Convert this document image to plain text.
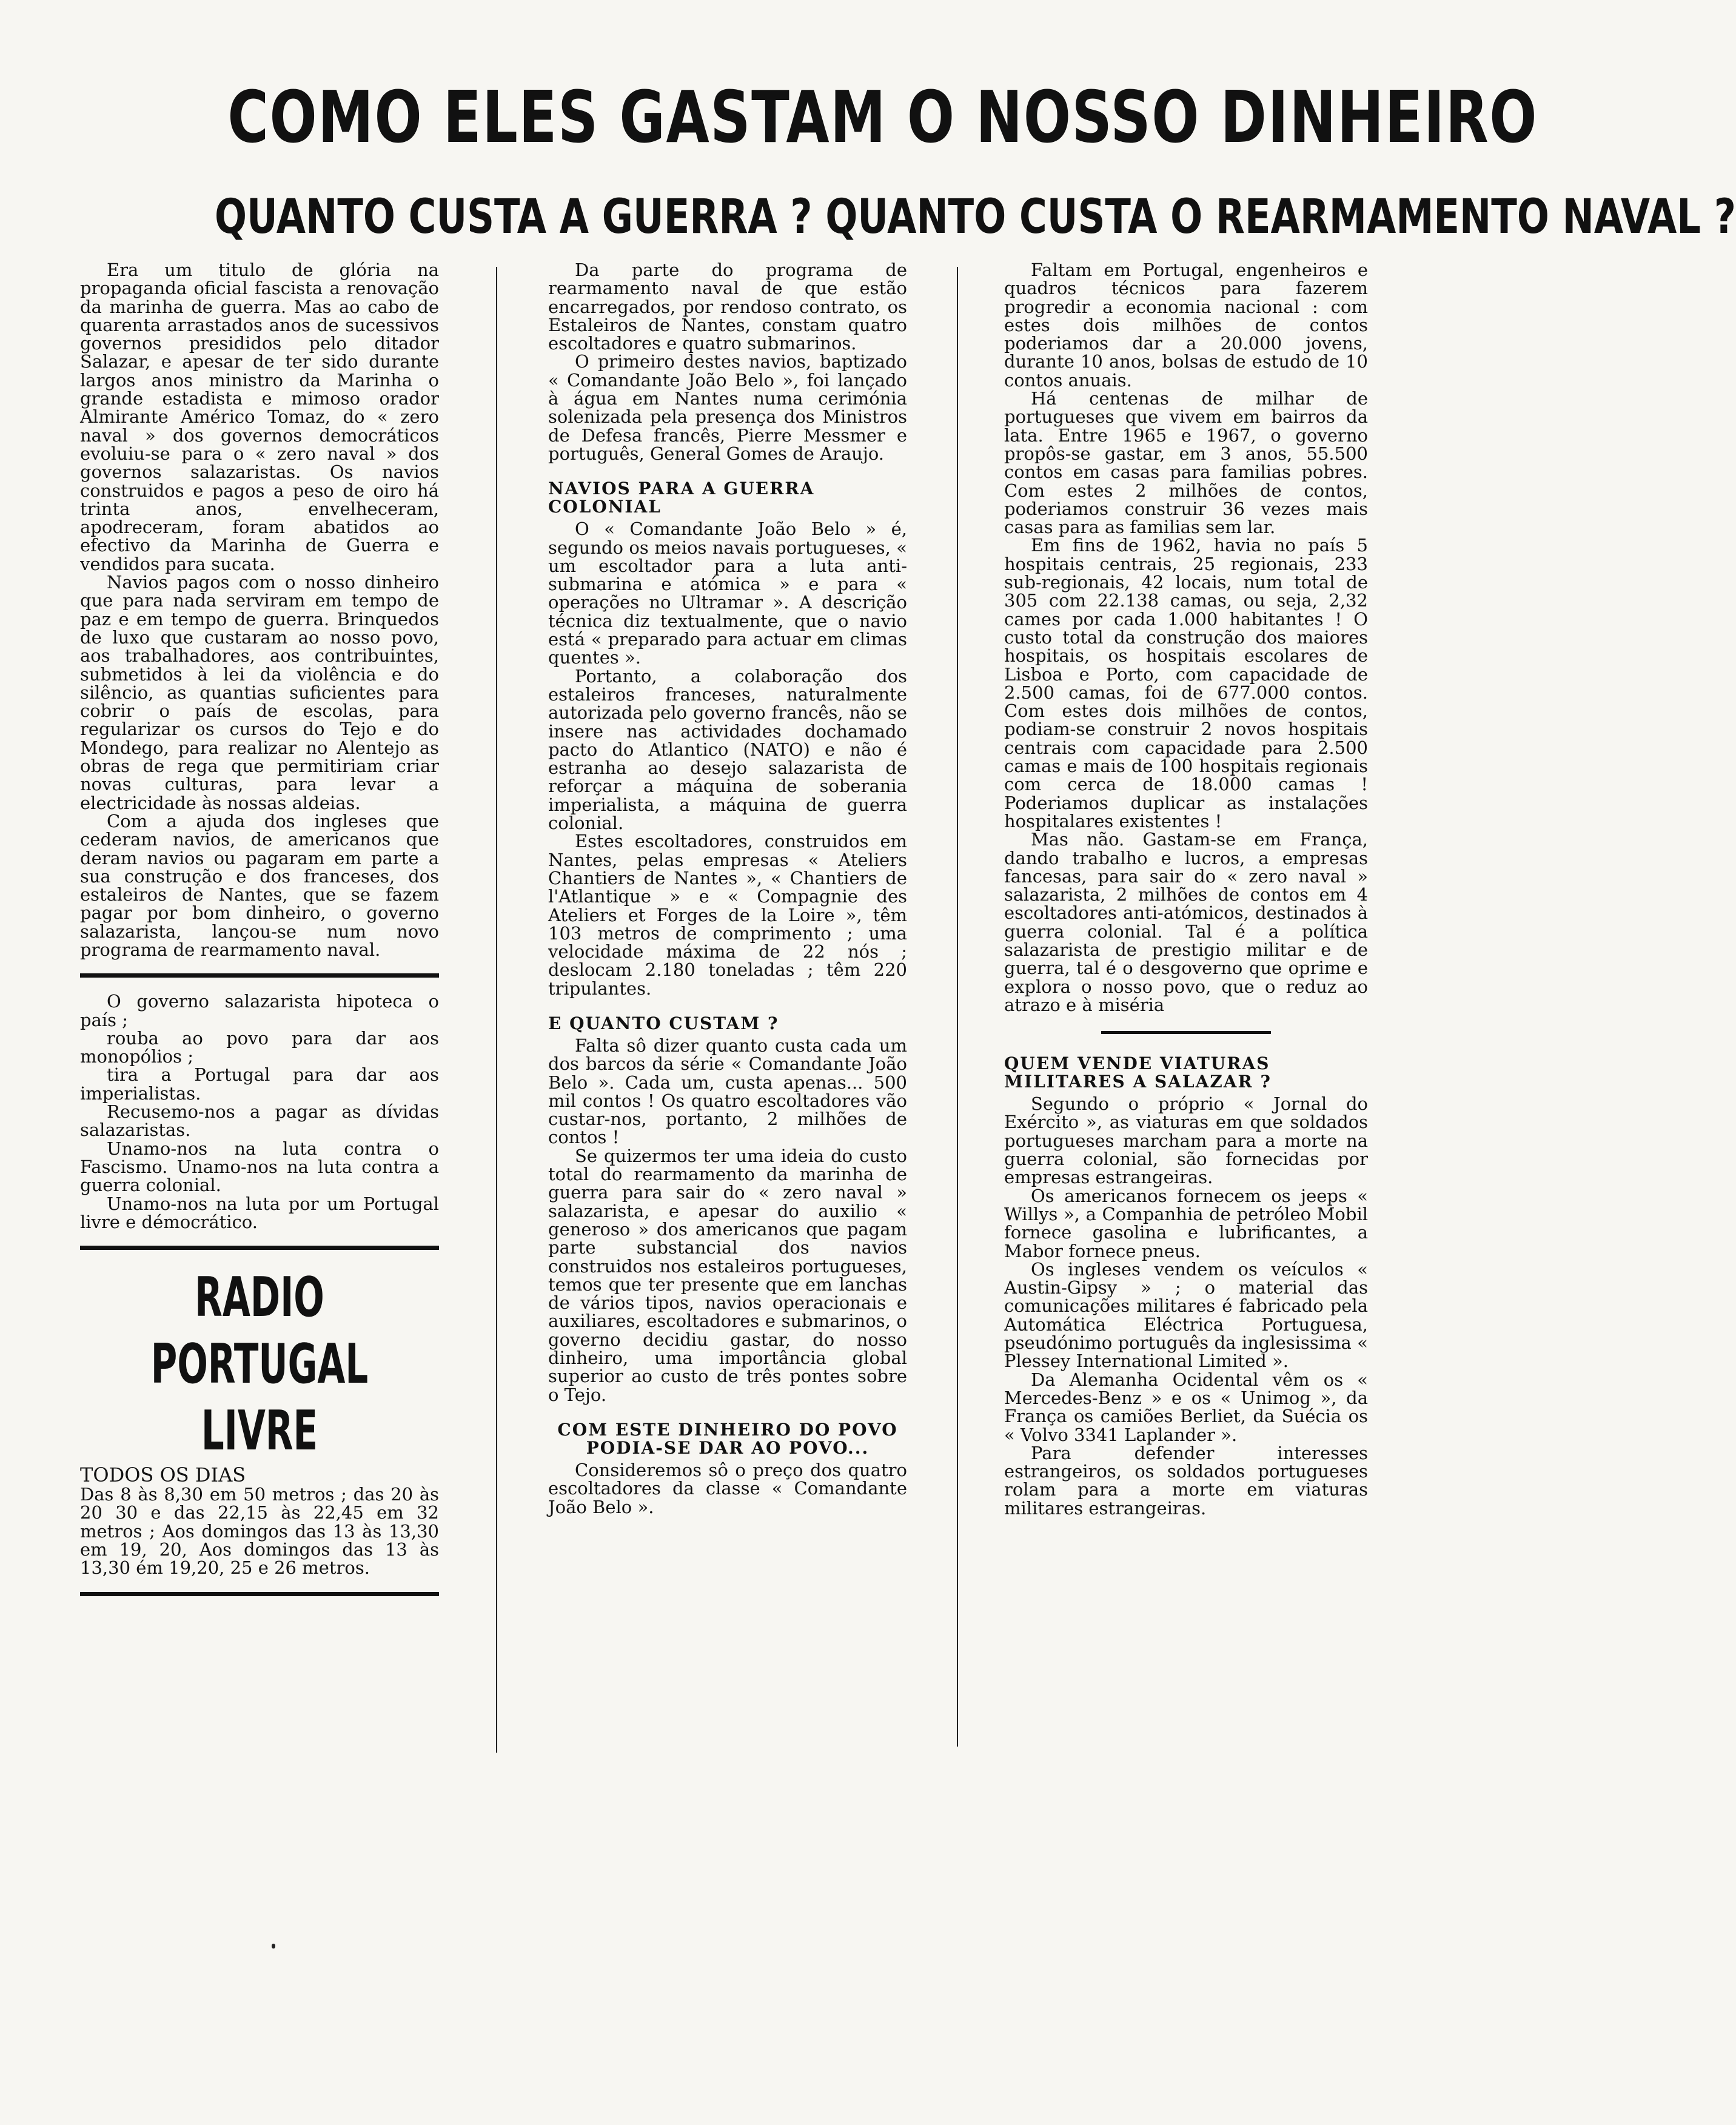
COMO ELES GASTAM O NOSSO DINHEIRO
QUANTO CUSTA A GUERRA ? QUANTO CUSTA O REARMAMENTO NAVAL ?

Era um titulo de glória na propaganda oficial fascista a renovação da marinha de guerra. Mas ao cabo de quarenta arrastados anos de sucessivos governos presididos pelo ditador Salazar, e apesar de ter sido durante largos anos ministro da Marinha o grande estadista e mimoso orador Almirante Américo Tomaz, do « zero naval » dos governos democráticos evoluiu-se para o « zero naval » dos governos salazaristas. Os navios construidos e pagos a peso de oiro há trinta anos, envelheceram, apodreceram, foram abatidos ao efectivo da Marinha de Guerra e vendidos para sucata.

Navios pagos com o nosso dinheiro que para nada serviram em tempo de paz e em tempo de guerra. Brinquedos de luxo que custaram ao nosso povo, aos trabalhadores, aos contribuintes, submetidos à lei da violência e do silêncio, as quantias suficientes para cobrir o país de escolas, para regularizar os cursos do Tejo e do Mondego, para realizar no Alentejo as obras de rega que permitiriam criar novas culturas, para levar a electricidade às nossas aldeias.

Com a ajuda dos ingleses que cederam navios, de americanos que deram navios ou pagaram em parte a sua construção e dos franceses, dos estaleiros de Nantes, que se fazem pagar por bom dinheiro, o governo salazarista, lançou-se num novo programa de rearmamento naval.

O governo salazarista hipoteca o país ;

rouba ao povo para dar aos monopólios ;

tira a Portugal para dar aos imperialistas.

Recusemo-nos a pagar as dívidas salazaristas.

Unamo-nos na luta contra o Fascismo. Unamo-nos na luta contra a guerra colonial.

Unamo-nos na luta por um Portugal livre e démocrático.

RADIO
PORTUGAL
LIVRE

TODOS OS DIAS

Das 8 às 8,30 em 50 metros ; das 20 às 20 30 e das 22,15 às 22,45 em 32 metros ; Aos domingos das 13 às 13,30 em 19, 20, Aos domingos das 13 às 13,30 ém 19,20, 25 e 26 metros.

Da parte do programa de rearmamento naval de que estão encarregados, por rendoso contrato, os Estaleiros de Nantes, constam quatro escoltadores e quatro submarinos.

O primeiro destes navios, baptizado « Comandante João Belo », foi lançado à água em Nantes numa cerimónia solenizada pela presença dos Ministros de Defesa francês, Pierre Messmer e português, General Gomes de Araujo.

NAVIOS PARA A GUERRA COLONIAL

O « Comandante João Belo » é, segundo os meios navais portugueses, « um escoltador para a luta anti-submarina e atómica » e para « operações no Ultramar ». A descrição técnica diz textualmente, que o navio está « preparado para actuar em climas quentes ».

Portanto, a colaboração dos estaleiros franceses, naturalmente autorizada pelo governo francês, não se insere nas actividades dochamado pacto do Atlantico (NATO) e não é estranha ao desejo salazarista de reforçar a máquina de soberania imperialista, a máquina de guerra colonial.

Estes escoltadores, construidos em Nantes, pelas empresas « Ateliers Chantiers de Nantes », « Chantiers de l'Atlantique » e « Compagnie des Ateliers et Forges de la Loire », têm 103 metros de comprimento ; uma velocidade máxima de 22 nós ; deslocam 2.180 toneladas ; têm 220 tripulantes.

E QUANTO CUSTAM ?

Falta sô dizer quanto custa cada um dos barcos da série « Comandante João Belo ». Cada um, custa apenas... 500 mil contos ! Os quatro escoltadores vão custar-nos, portanto, 2 milhões de contos !

Se quizermos ter uma ideia do custo total do rearmamento da marinha de guerra para sair do « zero naval » salazarista, e apesar do auxilio « generoso » dos americanos que pagam parte substancial dos navios construidos nos estaleiros portugueses, temos que ter presente que em lanchas de vários tipos, navios operacionais e auxiliares, escoltadores e submarinos, o governo decidiu gastar, do nosso dinheiro, uma importância global superior ao custo de três pontes sobre o Tejo.

COM ESTE DINHEIRO DO POVO PODIA-SE DAR AO POVO...

Consideremos sô o preço dos quatro escoltadores da classe « Comandante João Belo ».

Faltam em Portugal, engenheiros e quadros técnicos para fazerem progredir a economia nacional : com estes dois milhões de contos poderiamos dar a 20.000 jovens, durante 10 anos, bolsas de estudo de 10 contos anuais.

Há centenas de milhar de portugueses que vivem em bairros da lata. Entre 1965 e 1967, o governo propôs-se gastar, em 3 anos, 55.500 contos em casas para familias pobres. Com estes 2 milhões de contos, poderiamos construir 36 vezes mais casas para as familias sem lar.

Em fins de 1962, havia no país 5 hospitais centrais, 25 regionais, 233 sub-regionais, 42 locais, num total de 305 com 22.138 camas, ou seja, 2,32 cames por cada 1.000 habitantes ! O custo total da construção dos maiores hospitais, os hospitais escolares de Lisboa e Porto, com capacidade de 2.500 camas, foi de 677.000 contos. Com estes dois milhões de contos, podiam-se construir 2 novos hospitais centrais com capacidade para 2.500 camas e mais de 100 hospitais regionais com cerca de 18.000 camas ! Poderiamos duplicar as instalações hospitalares existentes !

Mas não. Gastam-se em França, dando trabalho e lucros, a empresas fancesas, para sair do « zero naval » salazarista, 2 milhões de contos em 4 escoltadores anti-atómicos, destinados à guerra colonial. Tal é a política salazarista de prestigio militar e de guerra, tal é o desgoverno que oprime e explora o nosso povo, que o reduz ao atrazo e à miséria

QUEM VENDE VIATURAS MILITARES A SALAZAR ?

Segundo o próprio « Jornal do Exército », as viaturas em que soldados portugueses marcham para a morte na guerra colonial, são fornecidas por empresas estrangeiras.

Os americanos fornecem os jeeps « Willys », a Companhia de petróleo Mobil fornece gasolina e lubrificantes, a Mabor fornece pneus.

Os ingleses vendem os veículos « Austin-Gipsy » ; o material das comunicações militares é fabricado pela Automática Eléctrica Portuguesa, pseudónimo português da inglesissima « Plessey International Limited ».

Da Alemanha Ocidental vêm os « Mercedes-Benz » e os « Unimog », da França os camiões Berliet, da Suécia os « Volvo 3341 Laplander ».

Para defender interesses estrangeiros, os soldados portugueses rolam para a morte em viaturas militares estrangeiras.
